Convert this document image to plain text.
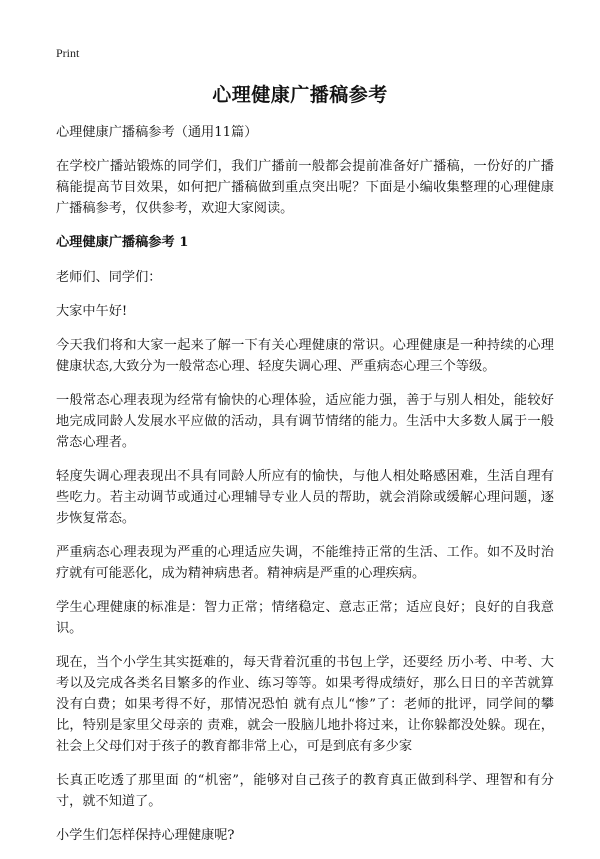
Print
心理健康广播稿参考

心理健康广播稿参考（通用11篇）

在学校广播站锻炼的同学们，我们广播前一般都会提前准备好广播稿，一份好的广播稿能提高节目效果，如何把广播稿做到重点突出呢？下面是小编收集整理的心理健康广播稿参考，仅供参考，欢迎大家阅读。

心理健康广播稿参考 1

老师们、同学们：

大家中午好!

今天我们将和大家一起来了解一下有关心理健康的常识。心理健康是一种持续的心理健康状态,大致分为一般常态心理、轻度失调心理、严重病态心理三个等级。

一般常态心理表现为经常有愉快的心理体验，适应能力强，善于与别人相处，能较好地完成同龄人发展水平应做的活动，具有调节情绪的能力。生活中大多数人属于一般常态心理者。

轻度失调心理表现出不具有同龄人所应有的愉快，与他人相处略感困难，生活自理有些吃力。若主动调节或通过心理辅导专业人员的帮助，就会消除或缓解心理问题，逐步恢复常态。

严重病态心理表现为严重的心理适应失调，不能维持正常的生活、工作。如不及时治疗就有可能恶化，成为精神病患者。精神病是严重的心理疾病。

学生心理健康的标准是：智力正常；情绪稳定、意志正常；适应良好；良好的自我意识。

现在，当个小学生其实挺难的，每天背着沉重的书包上学，还要经 历小考、中考、大考以及完成各类名目繁多的作业、练习等等。如果考得成绩好，那么日日的辛苦就算没有白费；如果考得不好，那情况恐怕 就有点儿“惨”了：老师的批评，同学间的攀比，特别是家里父母亲的 责难，就会一股脑儿地扑将过来，让你躲都没处躲。现在，社会上父母们对于孩子的教育都非常上心，可是到底有多少家

长真正吃透了那里面 的“机密”，能够对自己孩子的教育真正做到科学、理智和有分寸，就不知道了。

小学生们怎样保持心理健康呢?
